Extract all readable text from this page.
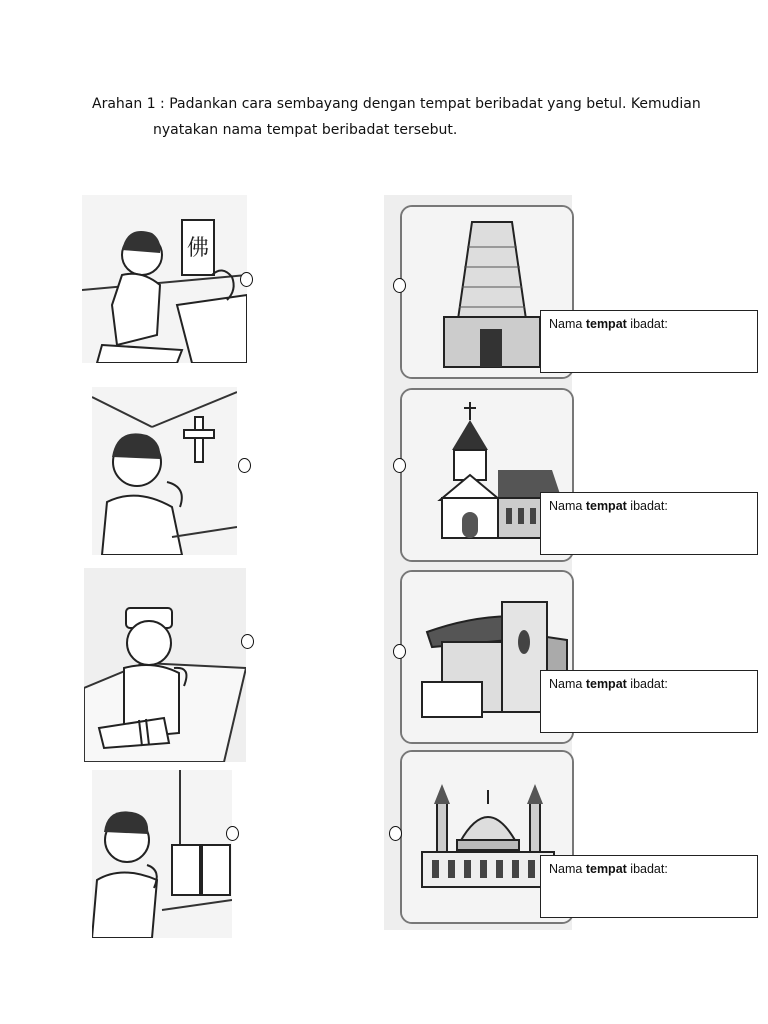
Arahan 1 : Padankan cara sembayang dengan tempat beribadat yang betul. Kemudian
nyatakan nama tempat beribadat tersebut.
佛
Nama tempat ibadat:
Nama tempat ibadat:
Nama tempat ibadat:
Nama tempat ibadat:
